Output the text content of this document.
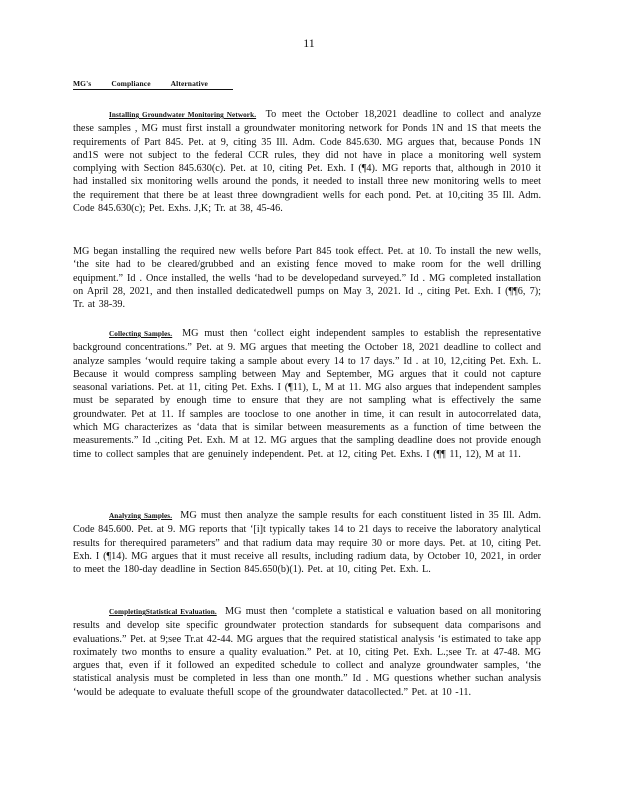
11
MG's	Compliance	Alternative
Installing Groundwater Monitoring Network. To meet the October 18,2021 deadline to collect and analyze these samples , MG must first install a groundwater monitoring network for Ponds 1N and 1S that meets the requirements of Part 845. Pet. at 9, citing 35 Ill. Adm. Code 845.630. MG argues that, because Ponds 1N and1S were not subject to the federal CCR rules, they did not have in place a monitoring well system complying with Section 845.630(c). Pet. at 10, citing Pet. Exh. I (¶4). MG reports that, although in 2010 it had installed six monitoring wells around the ponds, it needed to install three new monitoring wells to meet the requirement that there be at least three downgradient wells for each pond. Pet. at 10,citing 35 Ill. Adm. Code 845.630(c); Pet. Exhs. J,K; Tr. at 38, 45-46.
MG began installing the required new wells before Part 845 took effect. Pet. at 10. To install the new wells, ‘the site had to be cleared/grubbed and an existing fence moved to make room for the well drilling equipment.” Id . Once installed, the wells ‘had to be developedand surveyed.” Id . MG completed installation on April 28, 2021, and then installed dedicatedwell pumps on May 3, 2021. Id ., citing Pet. Exh. I (¶¶6, 7); Tr. at 38-39.
Collecting Samples. MG must then ‘collect eight independent samples to establish the representative background concentrations.” Pet. at 9. MG argues that meeting the October 18, 2021 deadline to collect and analyze samples ‘would require taking a sample about every 14 to 17 days.” Id . at 10, 12,citing Pet. Exh. L. Because it would compress sampling between May and September, MG argues that it could not capture seasonal variations. Pet. at 11, citing Pet. Exhs. I (¶11), L, M at 11. MG also argues that independent samples must be separated by enough time to ensure that they are not sampling what is effectively the same groundwater. Pet at 11. If samples are tooclose to one another in time, it can result in autocorrelated data, which MG characterizes as ‘data that is similar between measurements as a function of time between the measurements.” Id .,citing Pet. Exh. M at 12. MG argues that the sampling deadline does not provide enough time to collect samples that are genuinely independent. Pet. at 12, citing Pet. Exhs. I (¶¶ 11, 12), M at 11.
Analyzing Samples. MG must then analyze the sample results for each constituent listed in 35 Ill. Adm. Code 845.600. Pet. at 9. MG reports that ‘[i]t typically takes 14 to 21 days to receive the laboratory analytical results for therequired parameters” and that radium data may require 30 or more days. Pet. at 10, citing Pet. Exh. I (¶14). MG argues that it must receive all results, including radium data, by October 10, 2021, in order to meet the 180-day deadline in Section 845.650(b)(1). Pet. at 10, citing Pet. Exh. L.
CompletingStatistical Evaluation. MG must then ‘complete a statistical e valuation based on all monitoring results and develop site specific groundwater protection standards for subsequent data comparisons and evaluations.” Pet. at 9;see Tr.at 42-44. MG argues that the required statistical analysis ‘is estimated to take app roximately two months to ensure a quality evaluation.” Pet. at 10, citing Pet. Exh. L.;see Tr. at 47-48. MG argues that, even if it followed an expedited schedule to collect and analyze groundwater samples, ‘the statistical analysis must be completed in less than one month.” Id . MG questions whether suchan analysis ‘would be adequate to evaluate thefull scope of the groundwater datacollected.” Pet. at 10 -11.
